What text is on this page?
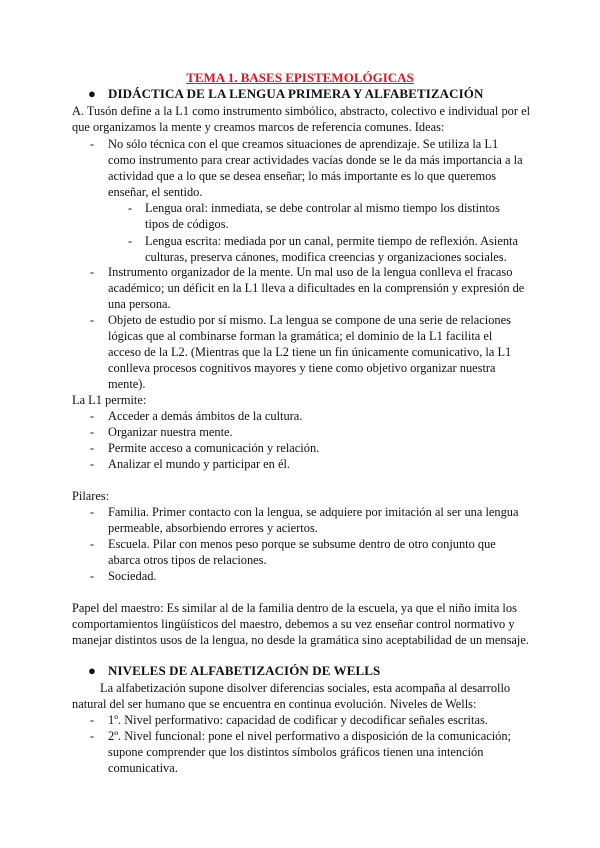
TEMA 1. BASES EPISTEMOLÓGICAS
● DIDÁCTICA DE LA LENGUA PRIMERA Y ALFABETIZACIÓN
A. Tusón define a la L1 como instrumento simbólico, abstracto, colectivo e individual por el que organizamos la mente y creamos marcos de referencia comunes. Ideas:
- No sólo técnica con el que creamos situaciones de aprendizaje. Se utiliza la L1 como instrumento para crear actividades vacías donde se le da más importancia a la actividad que a lo que se desea enseñar; lo más importante es lo que queremos enseñar, el sentido.
- Lengua oral: inmediata, se debe controlar al mismo tiempo los distintos tipos de códigos.
- Lengua escrita: mediada por un canal, permite tiempo de reflexión. Asienta culturas, preserva cánones, modifica creencias y organizaciones sociales.
- Instrumento organizador de la mente. Un mal uso de la lengua conlleva el fracaso académico; un déficit en la L1 lleva a dificultades en la comprensión y expresión de una persona.
- Objeto de estudio por sí mismo. La lengua se compone de una serie de relaciones lógicas que al combinarse forman la gramática; el dominio de la L1 facilita el acceso de la L2. (Mientras que la L2 tiene un fin únicamente comunicativo, la L1 conlleva procesos cognitivos mayores y tiene como objetivo organizar nuestra mente).
La L1 permite:
- Acceder a demás ámbitos de la cultura.
- Organizar nuestra mente.
- Permite acceso a comunicación y relación.
- Analizar el mundo y participar en él.
Pilares:
- Familia. Primer contacto con la lengua, se adquiere por imitación al ser una lengua permeable, absorbiendo errores y aciertos.
- Escuela. Pilar con menos peso porque se subsume dentro de otro conjunto que abarca otros tipos de relaciones.
- Sociedad.
Papel del maestro: Es similar al de la familia dentro de la escuela, ya que el niño imita los comportamientos lingüísticos del maestro, debemos a su vez enseñar control normativo y manejar distintos usos de la lengua, no desde la gramática sino aceptabilidad de un mensaje.
● NIVELES DE ALFABETIZACIÓN DE WELLS
La alfabetización supone disolver diferencias sociales, esta acompaña al desarrollo natural del ser humano que se encuentra en continua evolución. Niveles de Wells:
- 1º. Nivel performativo: capacidad de codificar y decodificar señales escritas.
- 2º. Nivel funcional: pone el nivel performativo a disposición de la comunicación; supone comprender que los distintos símbolos gráficos tienen una intención comunicativa.
